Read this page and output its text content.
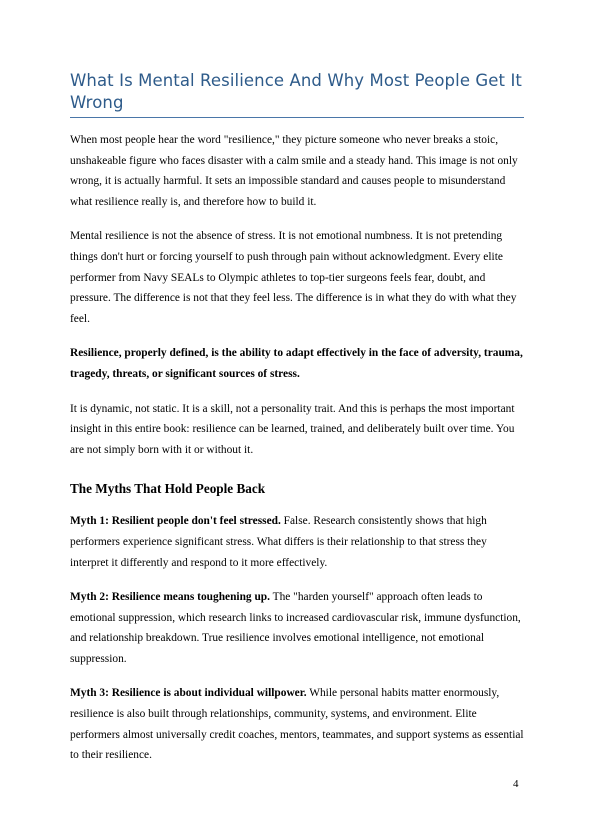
What Is Mental Resilience And Why Most People Get It Wrong

When most people hear the word "resilience," they picture someone who never breaks a stoic, unshakeable figure who faces disaster with a calm smile and a steady hand. This image is not only wrong, it is actually harmful. It sets an impossible standard and causes people to misunderstand what resilience really is, and therefore how to build it.

Mental resilience is not the absence of stress. It is not emotional numbness. It is not pretending things don't hurt or forcing yourself to push through pain without acknowledgment. Every elite performer from Navy SEALs to Olympic athletes to top-tier surgeons feels fear, doubt, and pressure. The difference is not that they feel less. The difference is in what they do with what they feel.

Resilience, properly defined, is the ability to adapt effectively in the face of adversity, trauma, tragedy, threats, or significant sources of stress.

It is dynamic, not static. It is a skill, not a personality trait. And this is perhaps the most important insight in this entire book: resilience can be learned, trained, and deliberately built over time. You are not simply born with it or without it.

The Myths That Hold People Back

Myth 1: Resilient people don't feel stressed. False. Research consistently shows that high performers experience significant stress. What differs is their relationship to that stress they interpret it differently and respond to it more effectively.

Myth 2: Resilience means toughening up. The "harden yourself" approach often leads to emotional suppression, which research links to increased cardiovascular risk, immune dysfunction, and relationship breakdown. True resilience involves emotional intelligence, not emotional suppression.

Myth 3: Resilience is about individual willpower. While personal habits matter enormously, resilience is also built through relationships, community, systems, and environment. Elite performers almost universally credit coaches, mentors, teammates, and support systems as essential to their resilience.

4
